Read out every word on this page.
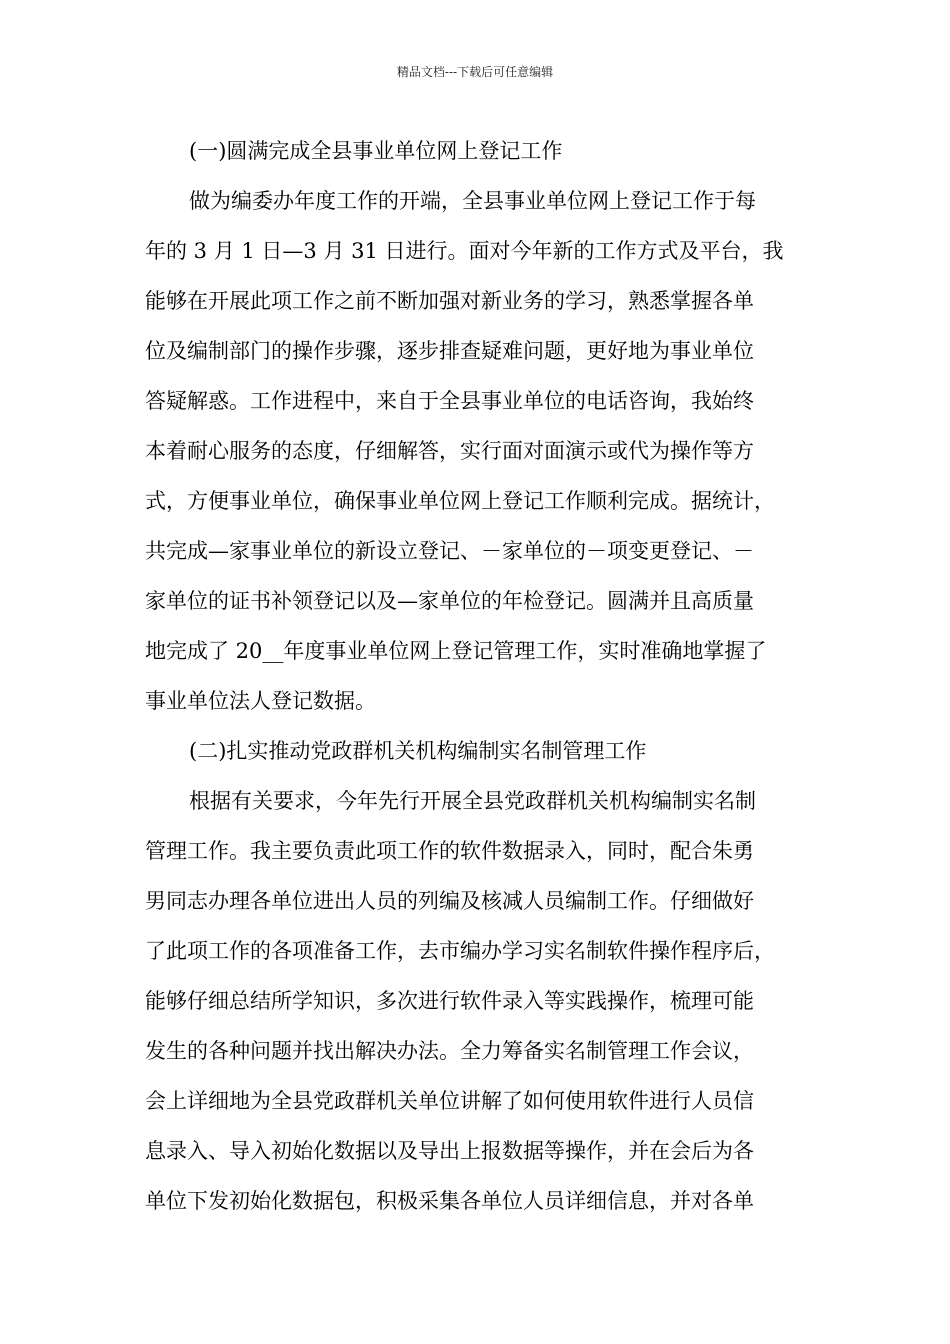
精品文档---下载后可任意编辑
(一)圆满完成全县事业单位网上登记工作
做为编委办年度工作的开端，全县事业单位网上登记工作于每
年的 3 月 1 日—3 月 31 日进行。面对今年新的工作方式及平台，我
能够在开展此项工作之前不断加强对新业务的学习，熟悉掌握各单
位及编制部门的操作步骤，逐步排查疑难问题，更好地为事业单位
答疑解惑。工作进程中，来自于全县事业单位的电话咨询，我始终
本着耐心服务的态度，仔细解答，实行面对面演示或代为操作等方
式，方便事业单位，确保事业单位网上登记工作顺利完成。据统计，
共完成—家事业单位的新设立登记、－家单位的－项变更登记、－
家单位的证书补领登记以及—家单位的年检登记。圆满并且高质量
地完成了 20__年度事业单位网上登记管理工作，实时准确地掌握了
事业单位法人登记数据。
(二)扎实推动党政群机关机构编制实名制管理工作
根据有关要求，今年先行开展全县党政群机关机构编制实名制
管理工作。我主要负责此项工作的软件数据录入，同时，配合朱勇
男同志办理各单位进出人员的列编及核减人员编制工作。仔细做好
了此项工作的各项准备工作，去市编办学习实名制软件操作程序后，
能够仔细总结所学知识，多次进行软件录入等实践操作，梳理可能
发生的各种问题并找出解决办法。全力筹备实名制管理工作会议，
会上详细地为全县党政群机关单位讲解了如何使用软件进行人员信
息录入、导入初始化数据以及导出上报数据等操作，并在会后为各
单位下发初始化数据包，积极采集各单位人员详细信息，并对各单
